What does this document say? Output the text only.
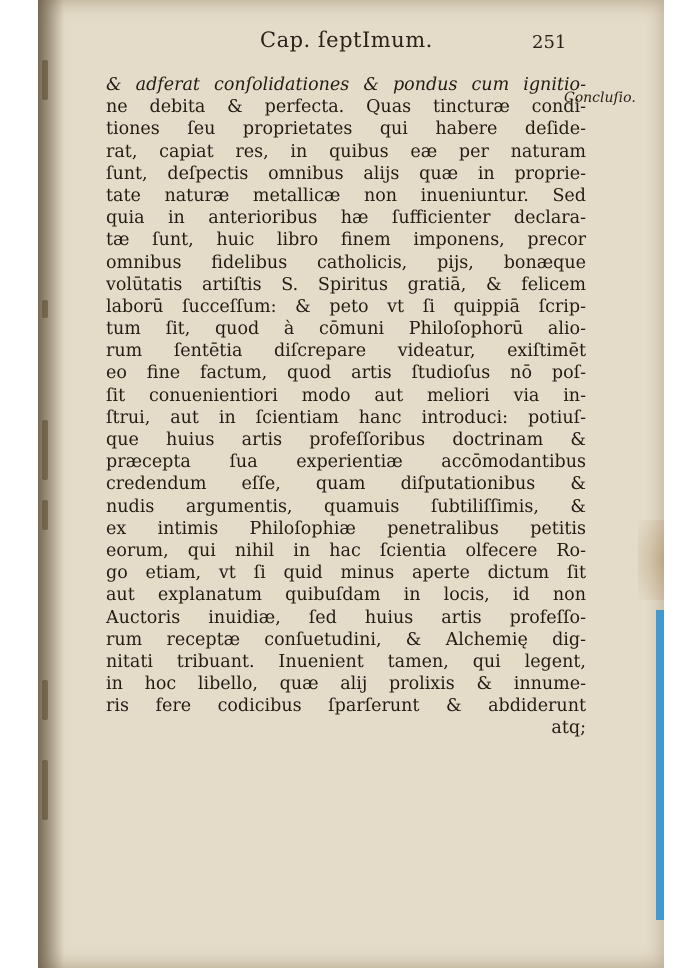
Cap. ſeptImum.	251
Concluſio.
& adferat conſolidationes & pondus cum ignitio-
ne debita & perfecta. Quas tincturæ condi-
tiones ſeu proprietates qui habere deſide-
rat, capiat res, in quibus eæ per naturam
ſunt, deſpectis omnibus alijs quæ in proprie-
tate naturæ metallicæ non inueniuntur. Sed
quia in anterioribus hæ ſufficienter declara-
tæ ſunt, huic libro finem imponens, precor
omnibus fidelibus catholicis, pijs, bonæque
volūtatis artiſtis S. Spiritus gratiā, & felicem
laborū ſucceſſum: & peto vt ſi quippiā ſcrip-
tum ſit, quod à cōmuni Philoſophorū alio-
rum ſentētia diſcrepare videatur, exiſtimēt
eo fine factum, quod artis ſtudioſus nō poſ-
ſit conuenientiori modo aut meliori via in-
ſtrui, aut in ſcientiam hanc introduci: potiuſ-
que huius artis profeſſoribus doctrinam &
præcepta ſua experientiæ accōmodantibus
credendum eſſe, quam diſputationibus &
nudis argumentis, quamuis ſubtiliſſimis, &
ex intimis Philoſophiæ penetralibus petitis
eorum, qui nihil in hac ſcientia olfecere Ro-
go etiam, vt ſi quid minus aperte dictum ſit
aut explanatum quibuſdam in locis, id non
Auctoris inuidiæ, ſed huius artis profeſſo-
rum receptæ conſuetudini, & Alchemię dig-
nitati tribuant. Inuenient tamen, qui legent,
in hoc libello, quæ alij prolixis & innume-
ris fere codicibus ſparſerunt & abdiderunt
atq;
